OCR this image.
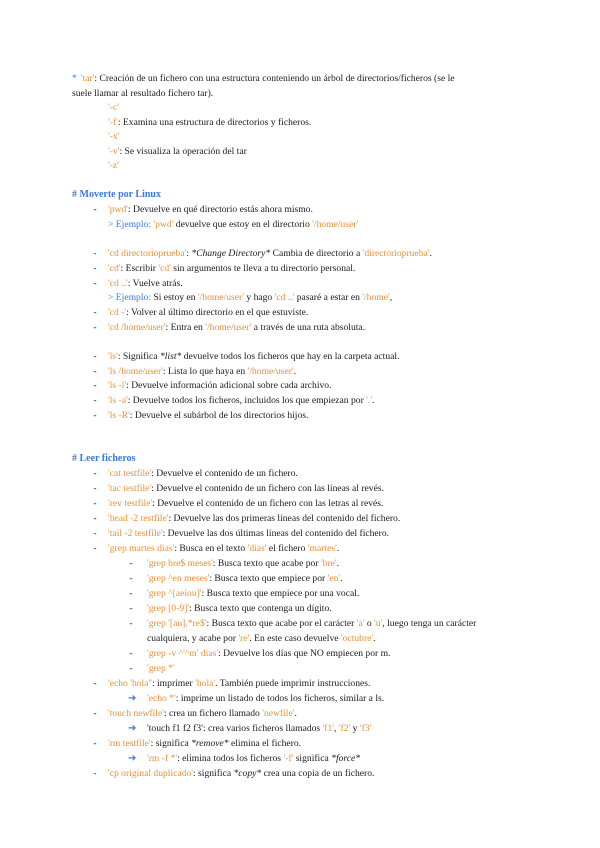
* 'tar': Creación de un fichero con una estructura conteniendo un árbol de directorios/ficheros (se le
suele llamar al resultado fichero tar).
'-c'
'-f': Examina una estructura de directorios y ficheros.
'-x'
'-v': Se visualiza la operación del tar
'-z'
# Moverte por Linux
-	'pwd': Devuelve en qué directorio estás ahora mismo.
> Ejemplo: 'pwd' devuelve que estoy en el directorio '/home/user'
-	'cd directorioprueba': *Change Directory* Cambia de directorio a 'directorioprueba'.
-	'cd': Escribir 'cd' sin argumentos te lleva a tu directorio personal.
-	'cd ..': Vuelve atrás.
> Ejemplo: Si estoy en '/home/user' y hago 'cd ..' pasaré a estar en '/home',
-	'cd -': Volver al último directorio en el que estuviste.
-	'cd /home/user': Entra en '/home/user' a través de una ruta absoluta.
-	'ls': Significa *list* devuelve todos los ficheros que hay en la carpeta actual.
-	'ls /home/user': Lista lo que haya en '/home/user'.
-	'ls -l': Devuelve información adicional sobre cada archivo.
-	'ls -a': Devuelve todos los ficheros, incluidos los que empiezan por '.'.
-	'ls -R': Devuelve el subárbol de los directorios hijos.
# Leer ficheros
-	'cat testfile': Devuelve el contenido de un fichero.
-	'tac testfile': Devuelve el contenido de un fichero con las líneas al revés.
-	'rev testfile': Devuelve el contenido de un fichero con las letras al revés.
-	'head -2 testfile': Devuelve las dos primeras líneas del contenido del fichero.
-	'tail -2 testfile': Devuelve las dos últimas líneas del contenido del fichero.
-	'grep martes dias': Busca en el texto 'dias' el fichero 'martes'.
-	'grep bre$ meses': Busca texto que acabe por 'bre'.
-	'grep ^en meses': Busca texto que empiece por 'en'.
-	'grep ^[aeiou]': Busca texto que empiece por una vocal.
-	'grep [0-9]': Busca texto que contenga un dígito.
-	'grep '[au].*re$': Busca texto que acabe por el carácter 'a' o 'u', luego tenga un carácter
cualquiera, y acabe por 're'. En este caso devuelve 'octubre'.
-	'grep -v ^'^m' dias': Devuelve los días que NO empiecen por m.
-	'grep *'
-	'echo 'hola'': imprimer 'hola'. También puede imprimir instrucciones.
➔ 'echo *': imprime un listado de todos los ficheros, similar a ls.
-	'touch newfile': crea un fichero llamado 'newfile'.
➔ 'touch f1 f2 f3': crea varios ficheros llamados 'f1', 'f2' y 'f3'
-	'rm testfile': significa *remove* elimina el fichero.
➔ 'rm -f *': elimina todos los ficheros '-f' significa *force*
-	'cp original duplicado': significa *copy* crea una copia de un fichero.
